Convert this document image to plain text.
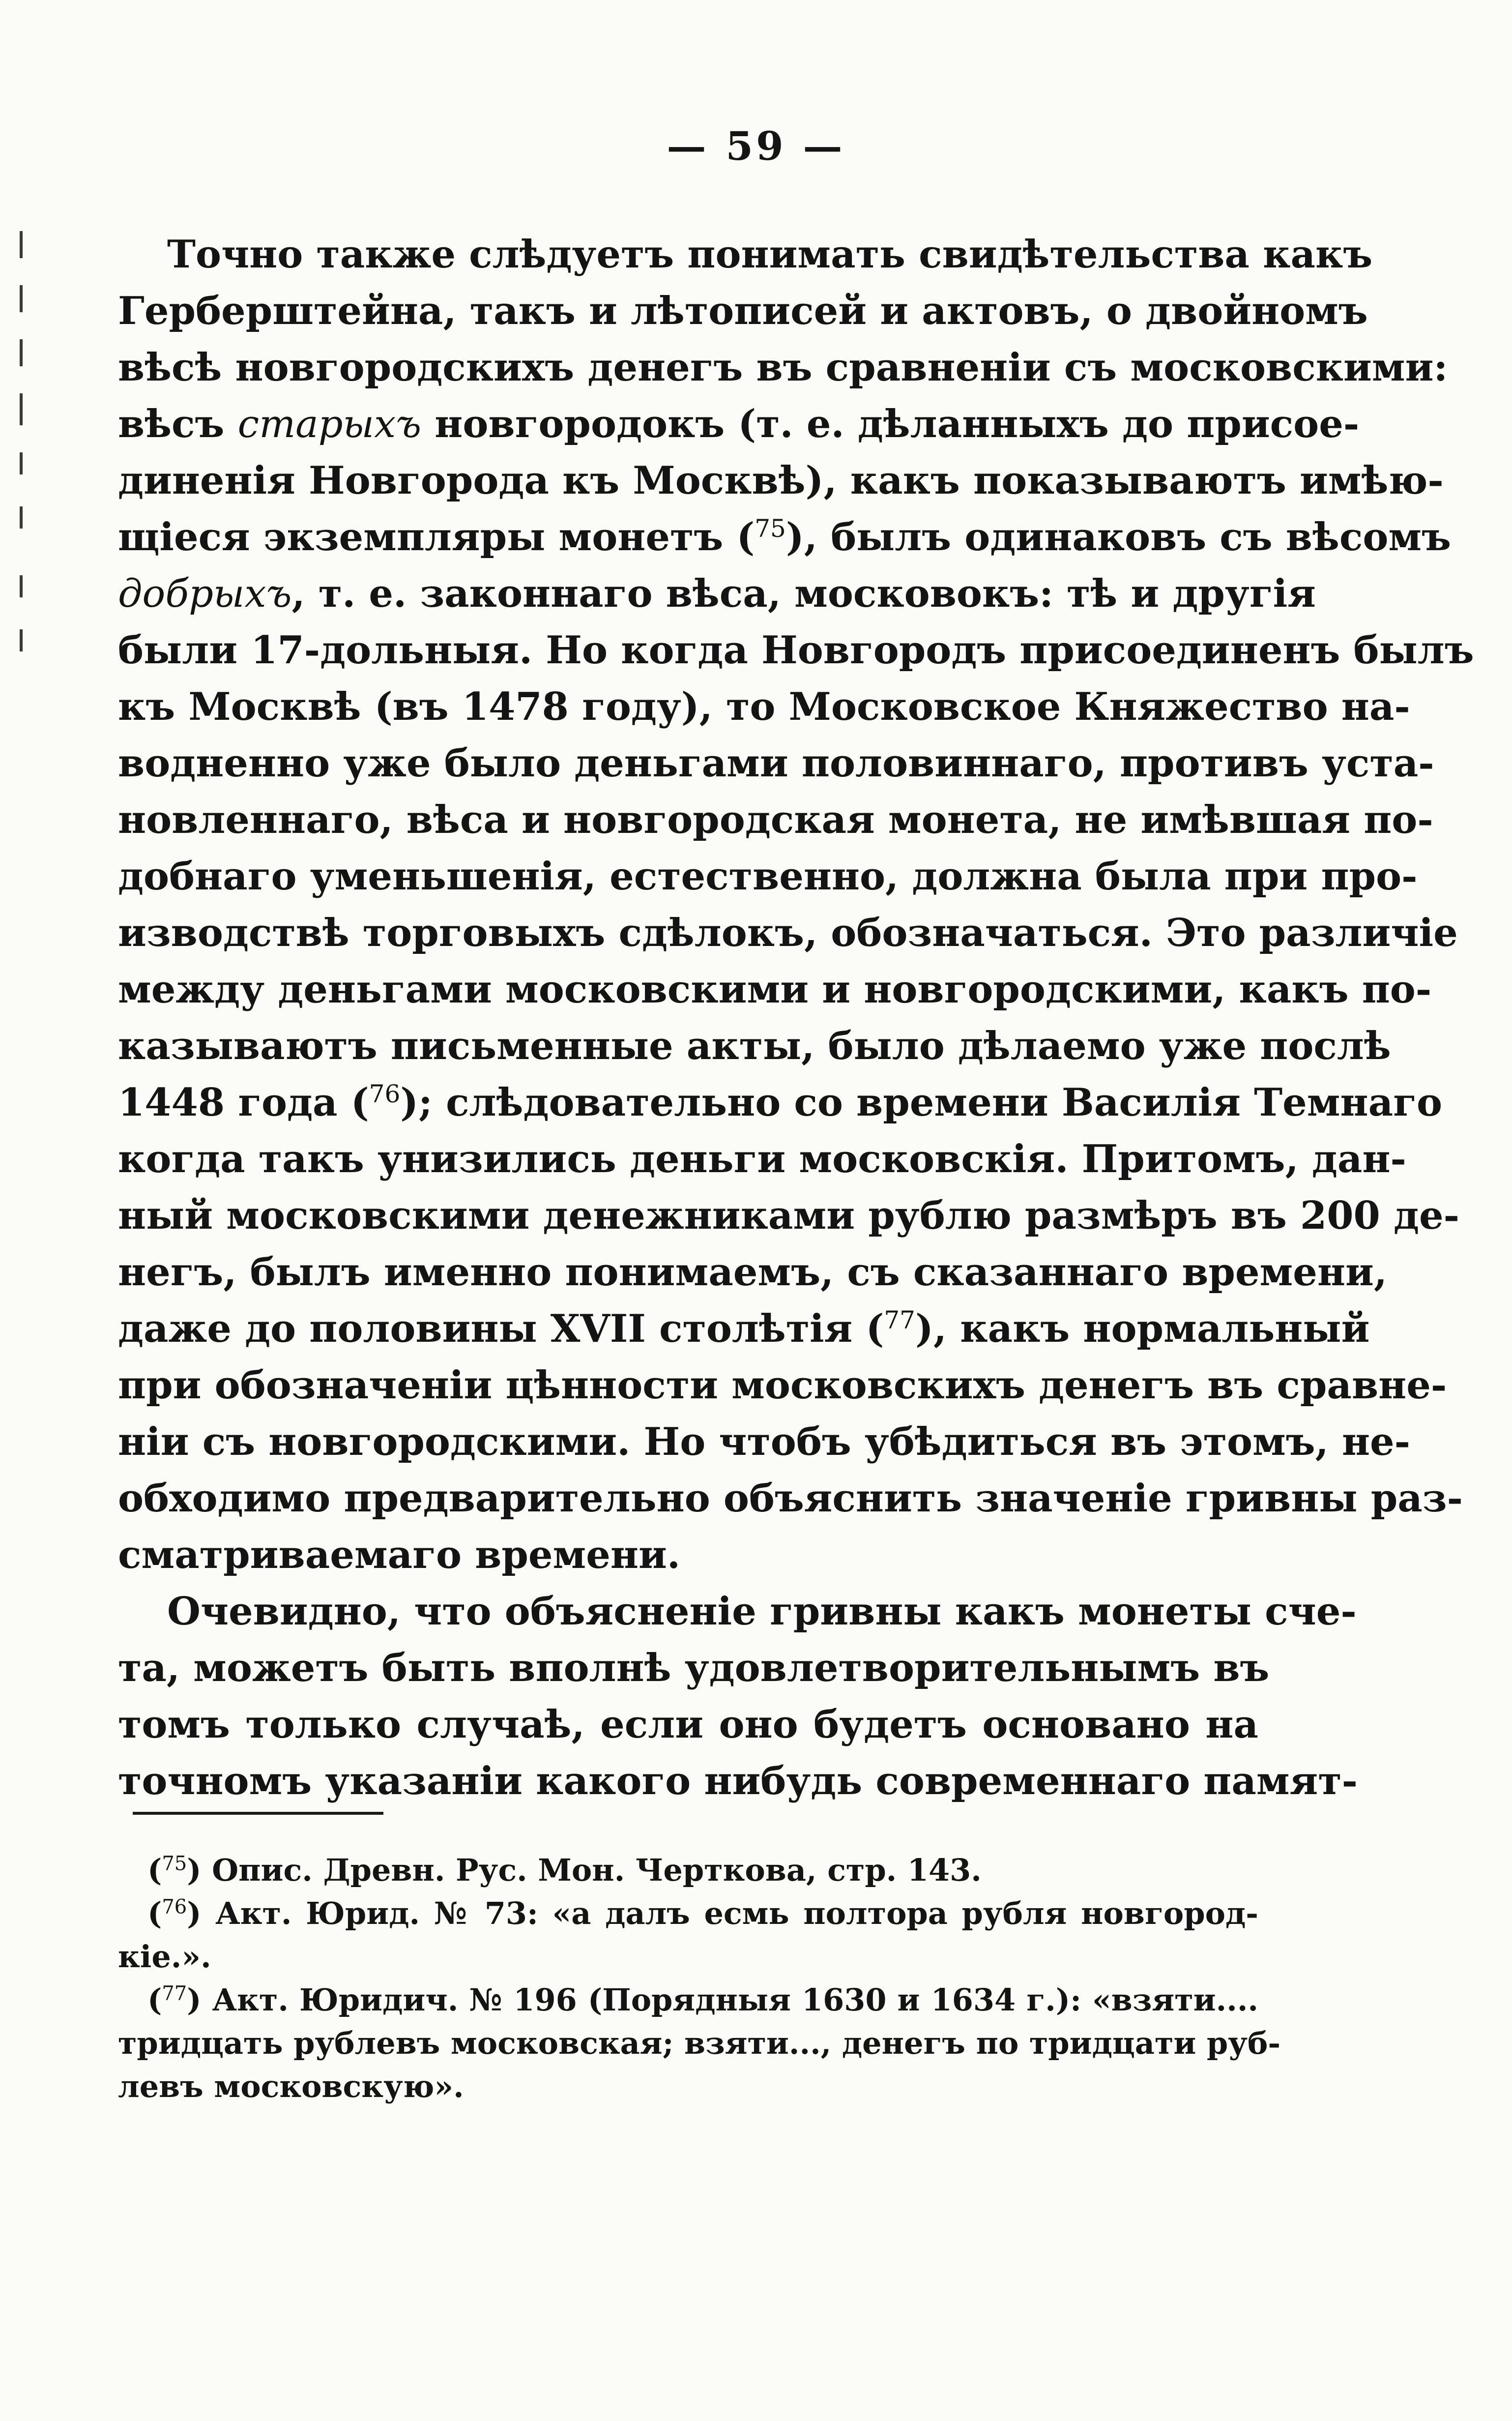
— 59 —
Точно также слѣдуетъ понимать свидѣтельства какъ
Герберштейна, такъ и лѣтописей и актовъ, о двойномъ
вѣсѣ новгородскихъ денегъ въ сравненіи съ московскими:
вѣсъ старыхъ новгородокъ (т. е. дѣланныхъ до присое-
диненія Новгорода къ Москвѣ), какъ показываютъ имѣю-
щіеся экземпляры монетъ ($^{75}$), былъ одинаковъ съ вѣсомъ
добрыхъ, т. е. законнаго вѣса, московокъ: тѣ и другія
были 17-дольныя. Но когда Новгородъ присоединенъ былъ
къ Москвѣ (въ 1478 году), то Московское Княжество на-
водненно уже было деньгами половиннаго, противъ уста-
новленнаго, вѣса и новгородская монета, не имѣвшая по-
добнаго уменьшенія, естественно, должна была при про-
изводствѣ торговыхъ сдѣлокъ, обозначаться. Это различіе
между деньгами московскими и новгородскими, какъ по-
казываютъ письменные акты, было дѣлаемо уже послѣ
1448 года ($^{76}$); слѣдовательно со времени Василія Темнаго
когда такъ унизились деньги московскія. Притомъ, дан-
ный московскими денежниками рублю размѣръ въ 200 де-
негъ, былъ именно понимаемъ, съ сказаннаго времени,
даже до половины XVII столѣтія ($^{77}$), какъ нормальный
при обозначеніи цѣнности московскихъ денегъ въ сравне-
ніи съ новгородскими. Но чтобъ убѣдиться въ этомъ, не-
обходимо предварительно объяснить значеніе гривны раз-
сматриваемаго времени.
Очевидно, что объясненіе гривны какъ монеты сче-
та, можетъ быть вполнѣ удовлетворительнымъ въ
томъ только случаѣ, если оно будетъ основано на
точномъ указаніи какого нибудь современнаго памят-
($^{75}$) Опис. Древн. Рус. Мон. Черткова, стр. 143.
($^{76}$) Акт. Юрид. № 73: «а далъ есмь полтора рубля новгород-
кіе.».
($^{77}$) Акт. Юридич. № 196 (Порядныя 1630 и 1634 г.): «взяти....
тридцать рублевъ московская; взяти..., денегъ по тридцати руб-
левъ московскую».
